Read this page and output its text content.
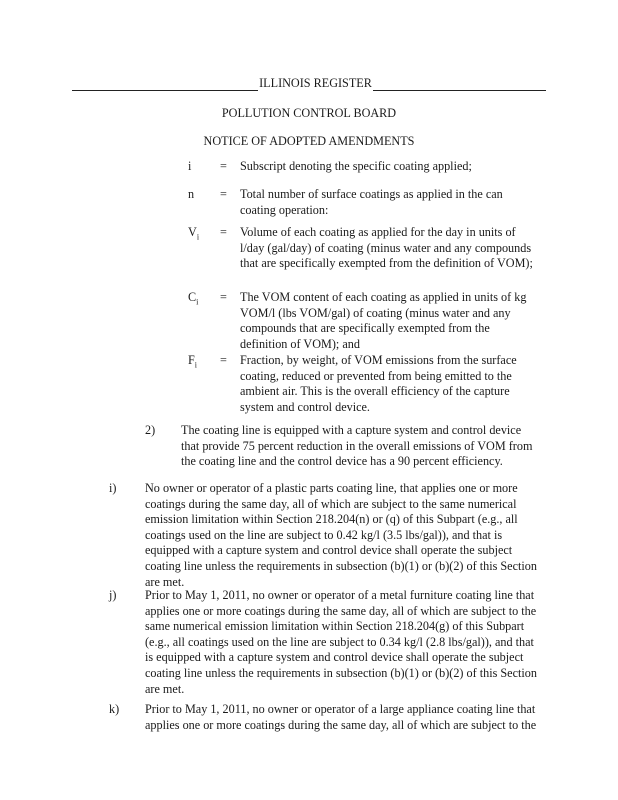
ILLINOIS REGISTER
POLLUTION CONTROL BOARD
NOTICE OF ADOPTED AMENDMENTS
i	=	Subscript denoting the specific coating applied;
n	=	Total number of surface coatings as applied in the can coating operation:
$V_i$	=	Volume of each coating as applied for the day in units of l/day (gal/day) of coating (minus water and any compounds that are specifically exempted from the definition of VOM);
$C_i$	=	The VOM content of each coating as applied in units of kg VOM/l (lbs VOM/gal) of coating (minus water and any compounds that are specifically exempted from the definition of VOM); and
$F_i$	=	Fraction, by weight, of VOM emissions from the surface coating, reduced or prevented from being emitted to the ambient air. This is the overall efficiency of the capture system and control device.
2) The coating line is equipped with a capture system and control device that provide 75 percent reduction in the overall emissions of VOM from the coating line and the control device has a 90 percent efficiency.
i) No owner or operator of a plastic parts coating line, that applies one or more coatings during the same day, all of which are subject to the same numerical emission limitation within Section 218.204(n) or (q) of this Subpart (e.g., all coatings used on the line are subject to 0.42 kg/l (3.5 lbs/gal)), and that is equipped with a capture system and control device shall operate the subject coating line unless the requirements in subsection (b)(1) or (b)(2) of this Section are met.
j) Prior to May 1, 2011, no owner or operator of a metal furniture coating line that applies one or more coatings during the same day, all of which are subject to the same numerical emission limitation within Section 218.204(g) of this Subpart (e.g., all coatings used on the line are subject to 0.34 kg/l (2.8 lbs/gal)), and that is equipped with a capture system and control device shall operate the subject coating line unless the requirements in subsection (b)(1) or (b)(2) of this Section are met.
k) Prior to May 1, 2011, no owner or operator of a large appliance coating line that applies one or more coatings during the same day, all of which are subject to the
